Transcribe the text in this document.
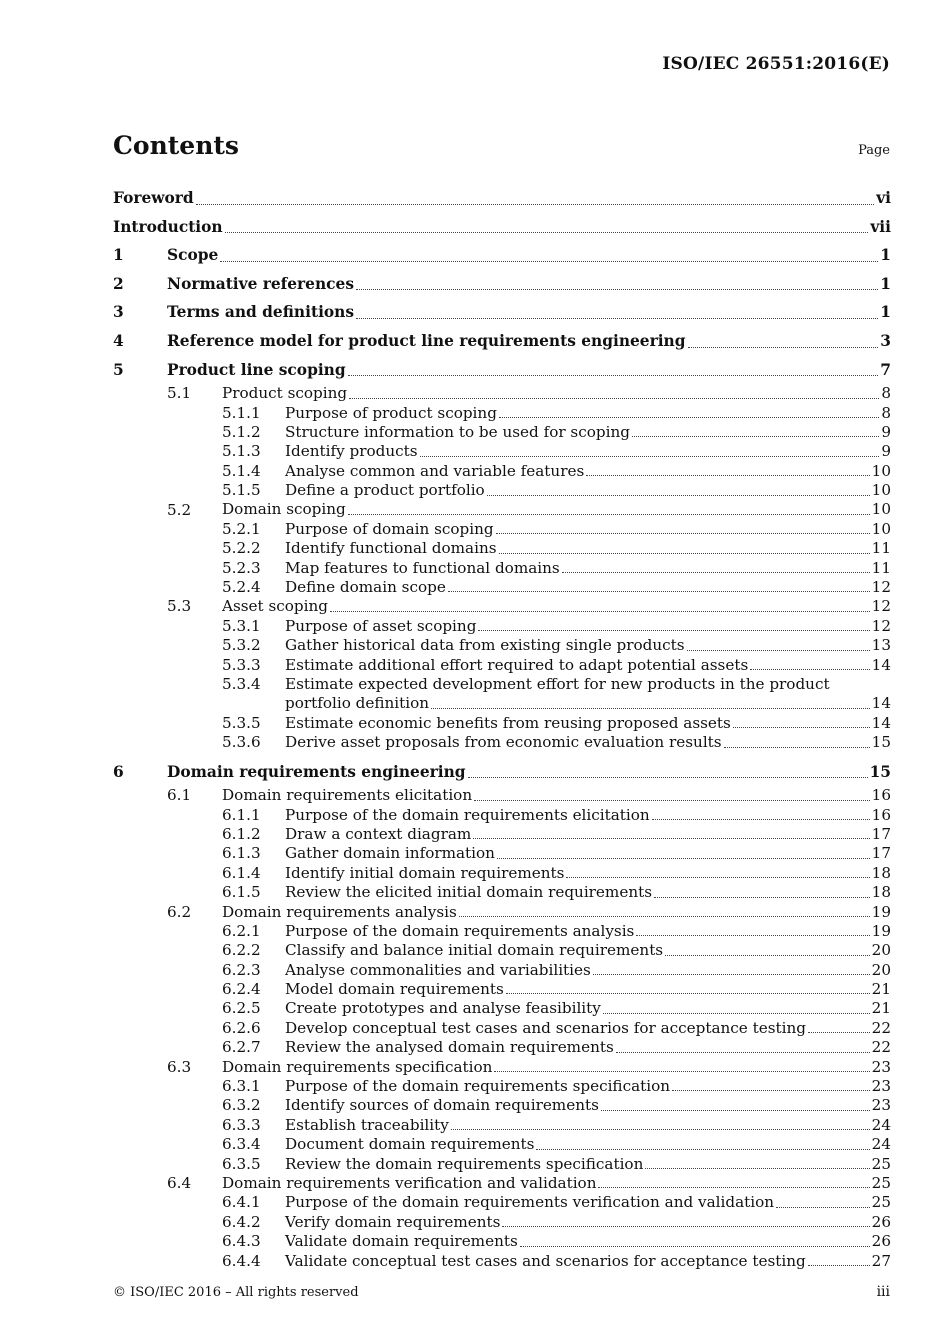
ISO/IEC 26551:2016(E)
Contents	Page
Foreword	vi
Introduction	vii
1	Scope	1
2	Normative references	1
3	Terms and definitions	1
4	Reference model for product line requirements engineering	3
5	Product line scoping	7
5.1 Product scoping	8
5.1.1 Purpose of product scoping	8
5.1.2 Structure information to be used for scoping	9
5.1.3 Identify products	9
5.1.4 Analyse common and variable features	10
5.1.5 Define a product portfolio	10
5.2 Domain scoping	10
5.2.1 Purpose of domain scoping	10
5.2.2 Identify functional domains	11
5.2.3 Map features to functional domains	11
5.2.4 Define domain scope	12
5.3 Asset scoping	12
5.3.1 Purpose of asset scoping	12
5.3.2 Gather historical data from existing single products	13
5.3.3 Estimate additional effort required to adapt potential assets	14
5.3.4 Estimate expected development effort for new products in the product
portfolio definition	14
5.3.5 Estimate economic benefits from reusing proposed assets	14
5.3.6 Derive asset proposals from economic evaluation results	15
6	Domain requirements engineering	15
6.1 Domain requirements elicitation	16
6.1.1 Purpose of the domain requirements elicitation	16
6.1.2 Draw a context diagram	17
6.1.3 Gather domain information	17
6.1.4 Identify initial domain requirements	18
6.1.5 Review the elicited initial domain requirements	18
6.2 Domain requirements analysis	19
6.2.1 Purpose of the domain requirements analysis	19
6.2.2 Classify and balance initial domain requirements	20
6.2.3 Analyse commonalities and variabilities	20
6.2.4 Model domain requirements	21
6.2.5 Create prototypes and analyse feasibility	21
6.2.6 Develop conceptual test cases and scenarios for acceptance testing	22
6.2.7 Review the analysed domain requirements	22
6.3 Domain requirements specification	23
6.3.1 Purpose of the domain requirements specification	23
6.3.2 Identify sources of domain requirements	23
6.3.3 Establish traceability	24
6.3.4 Document domain requirements	24
6.3.5 Review the domain requirements specification	25
6.4 Domain requirements verification and validation	25
6.4.1 Purpose of the domain requirements verification and validation	25
6.4.2 Verify domain requirements	26
6.4.3 Validate domain requirements	26
6.4.4 Validate conceptual test cases and scenarios for acceptance testing	27
© ISO/IEC 2016 – All rights reserved	iii
